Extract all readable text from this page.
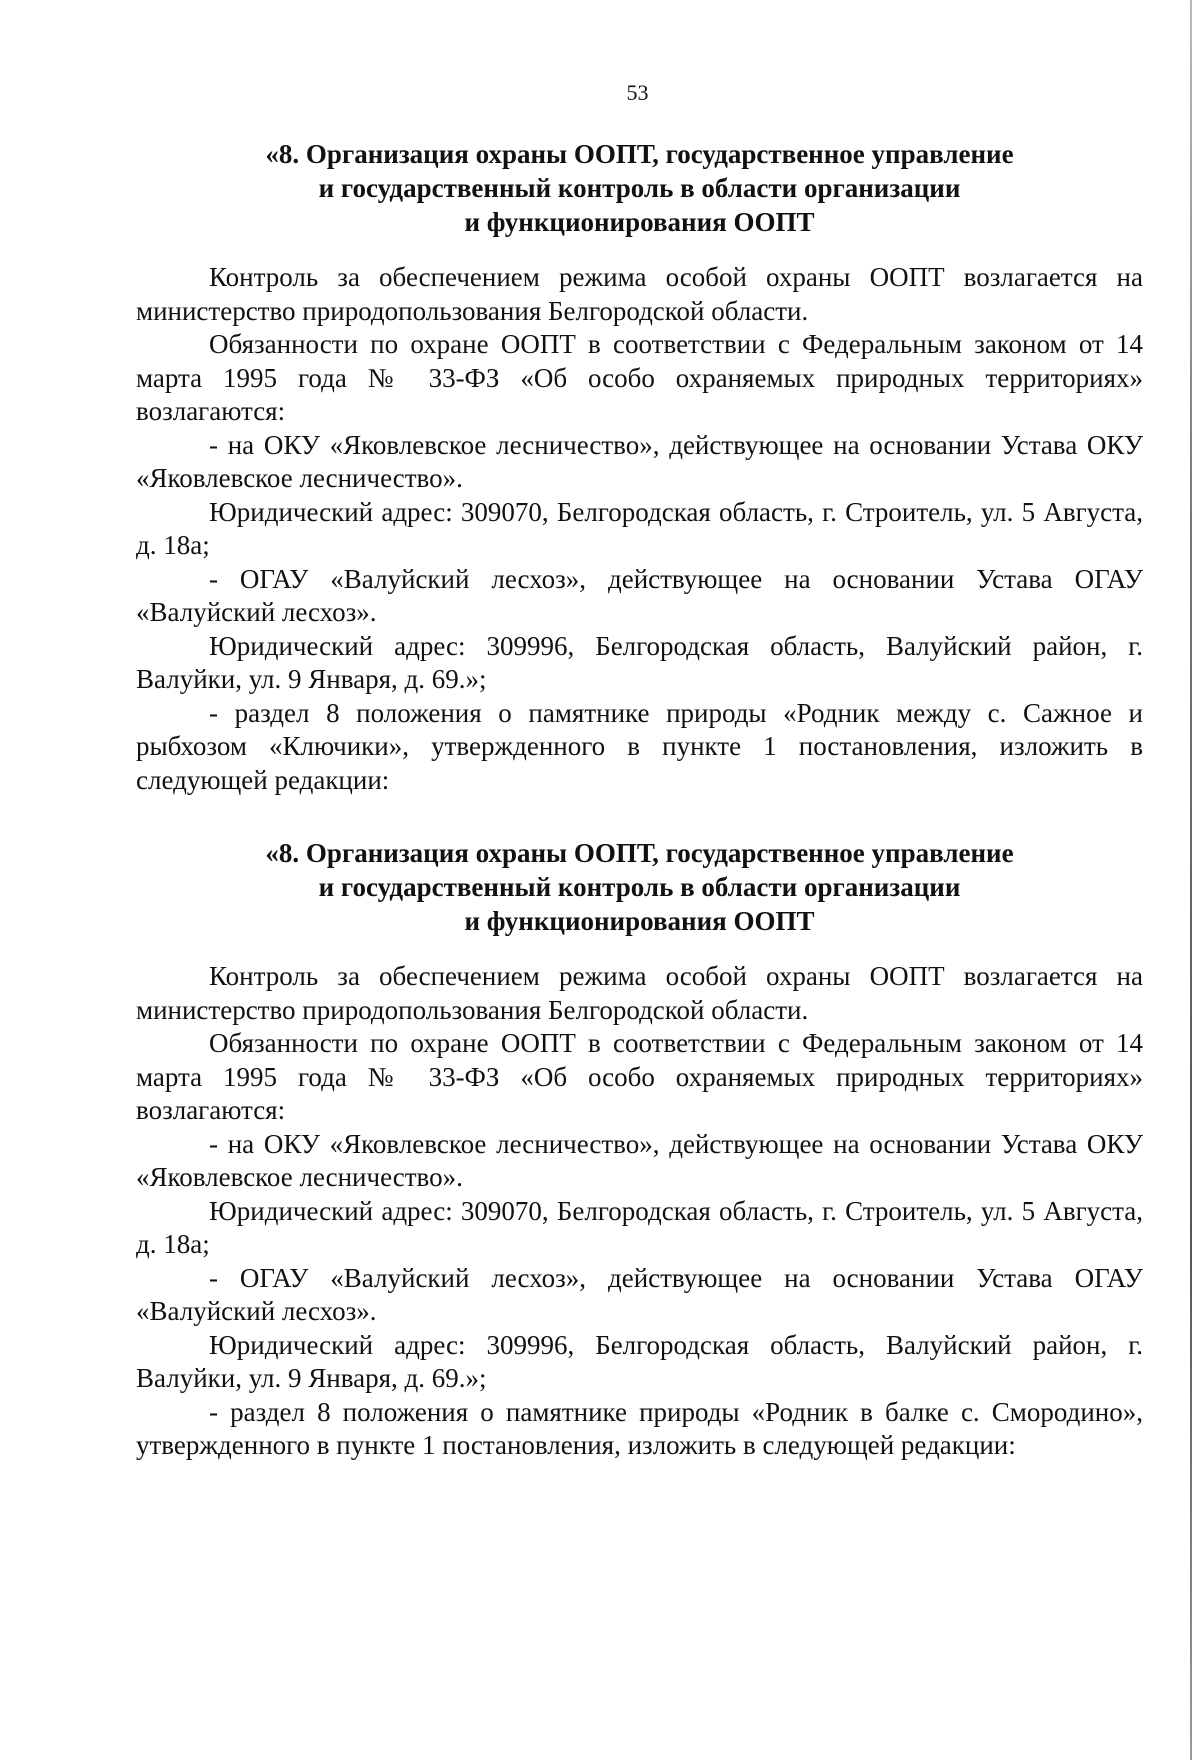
53
«8. Организация охраны ООПТ, государственное управление
и государственный контроль в области организации
и функционирования ООПТ

Контроль за обеспечением режима особой охраны ООПТ возлагается на министерство природопользования Белгородской области.

Обязанности по охране ООПТ в соответствии с Федеральным законом от 14 марта 1995 года № 33-ФЗ «Об особо охраняемых природных территориях» возлагаются:

- на ОКУ «Яковлевское лесничество», действующее на основании Устава ОКУ «Яковлевское лесничество».

Юридический адрес: 309070, Белгородская область, г. Строитель, ул. 5 Августа, д. 18а;

- ОГАУ «Валуйский лесхоз», действующее на основании Устава ОГАУ «Валуйский лесхоз».

Юридический адрес: 309996, Белгородская область, Валуйский район, г. Валуйки, ул. 9 Января, д. 69.»;

- раздел 8 положения о памятнике природы «Родник между с. Сажное и рыбхозом «Ключики», утвержденного в пункте 1 постановления, изложить в следующей редакции:

«8. Организация охраны ООПТ, государственное управление
и государственный контроль в области организации
и функционирования ООПТ

Контроль за обеспечением режима особой охраны ООПТ возлагается на министерство природопользования Белгородской области.

Обязанности по охране ООПТ в соответствии с Федеральным законом от 14 марта 1995 года № 33-ФЗ «Об особо охраняемых природных территориях» возлагаются:

- на ОКУ «Яковлевское лесничество», действующее на основании Устава ОКУ «Яковлевское лесничество».

Юридический адрес: 309070, Белгородская область, г. Строитель, ул. 5 Августа, д. 18а;

- ОГАУ «Валуйский лесхоз», действующее на основании Устава ОГАУ «Валуйский лесхоз».

Юридический адрес: 309996, Белгородская область, Валуйский район, г. Валуйки, ул. 9 Января, д. 69.»;

- раздел 8 положения о памятнике природы «Родник в балке с. Смородино», утвержденного в пункте 1 постановления, изложить в следующей редакции:
